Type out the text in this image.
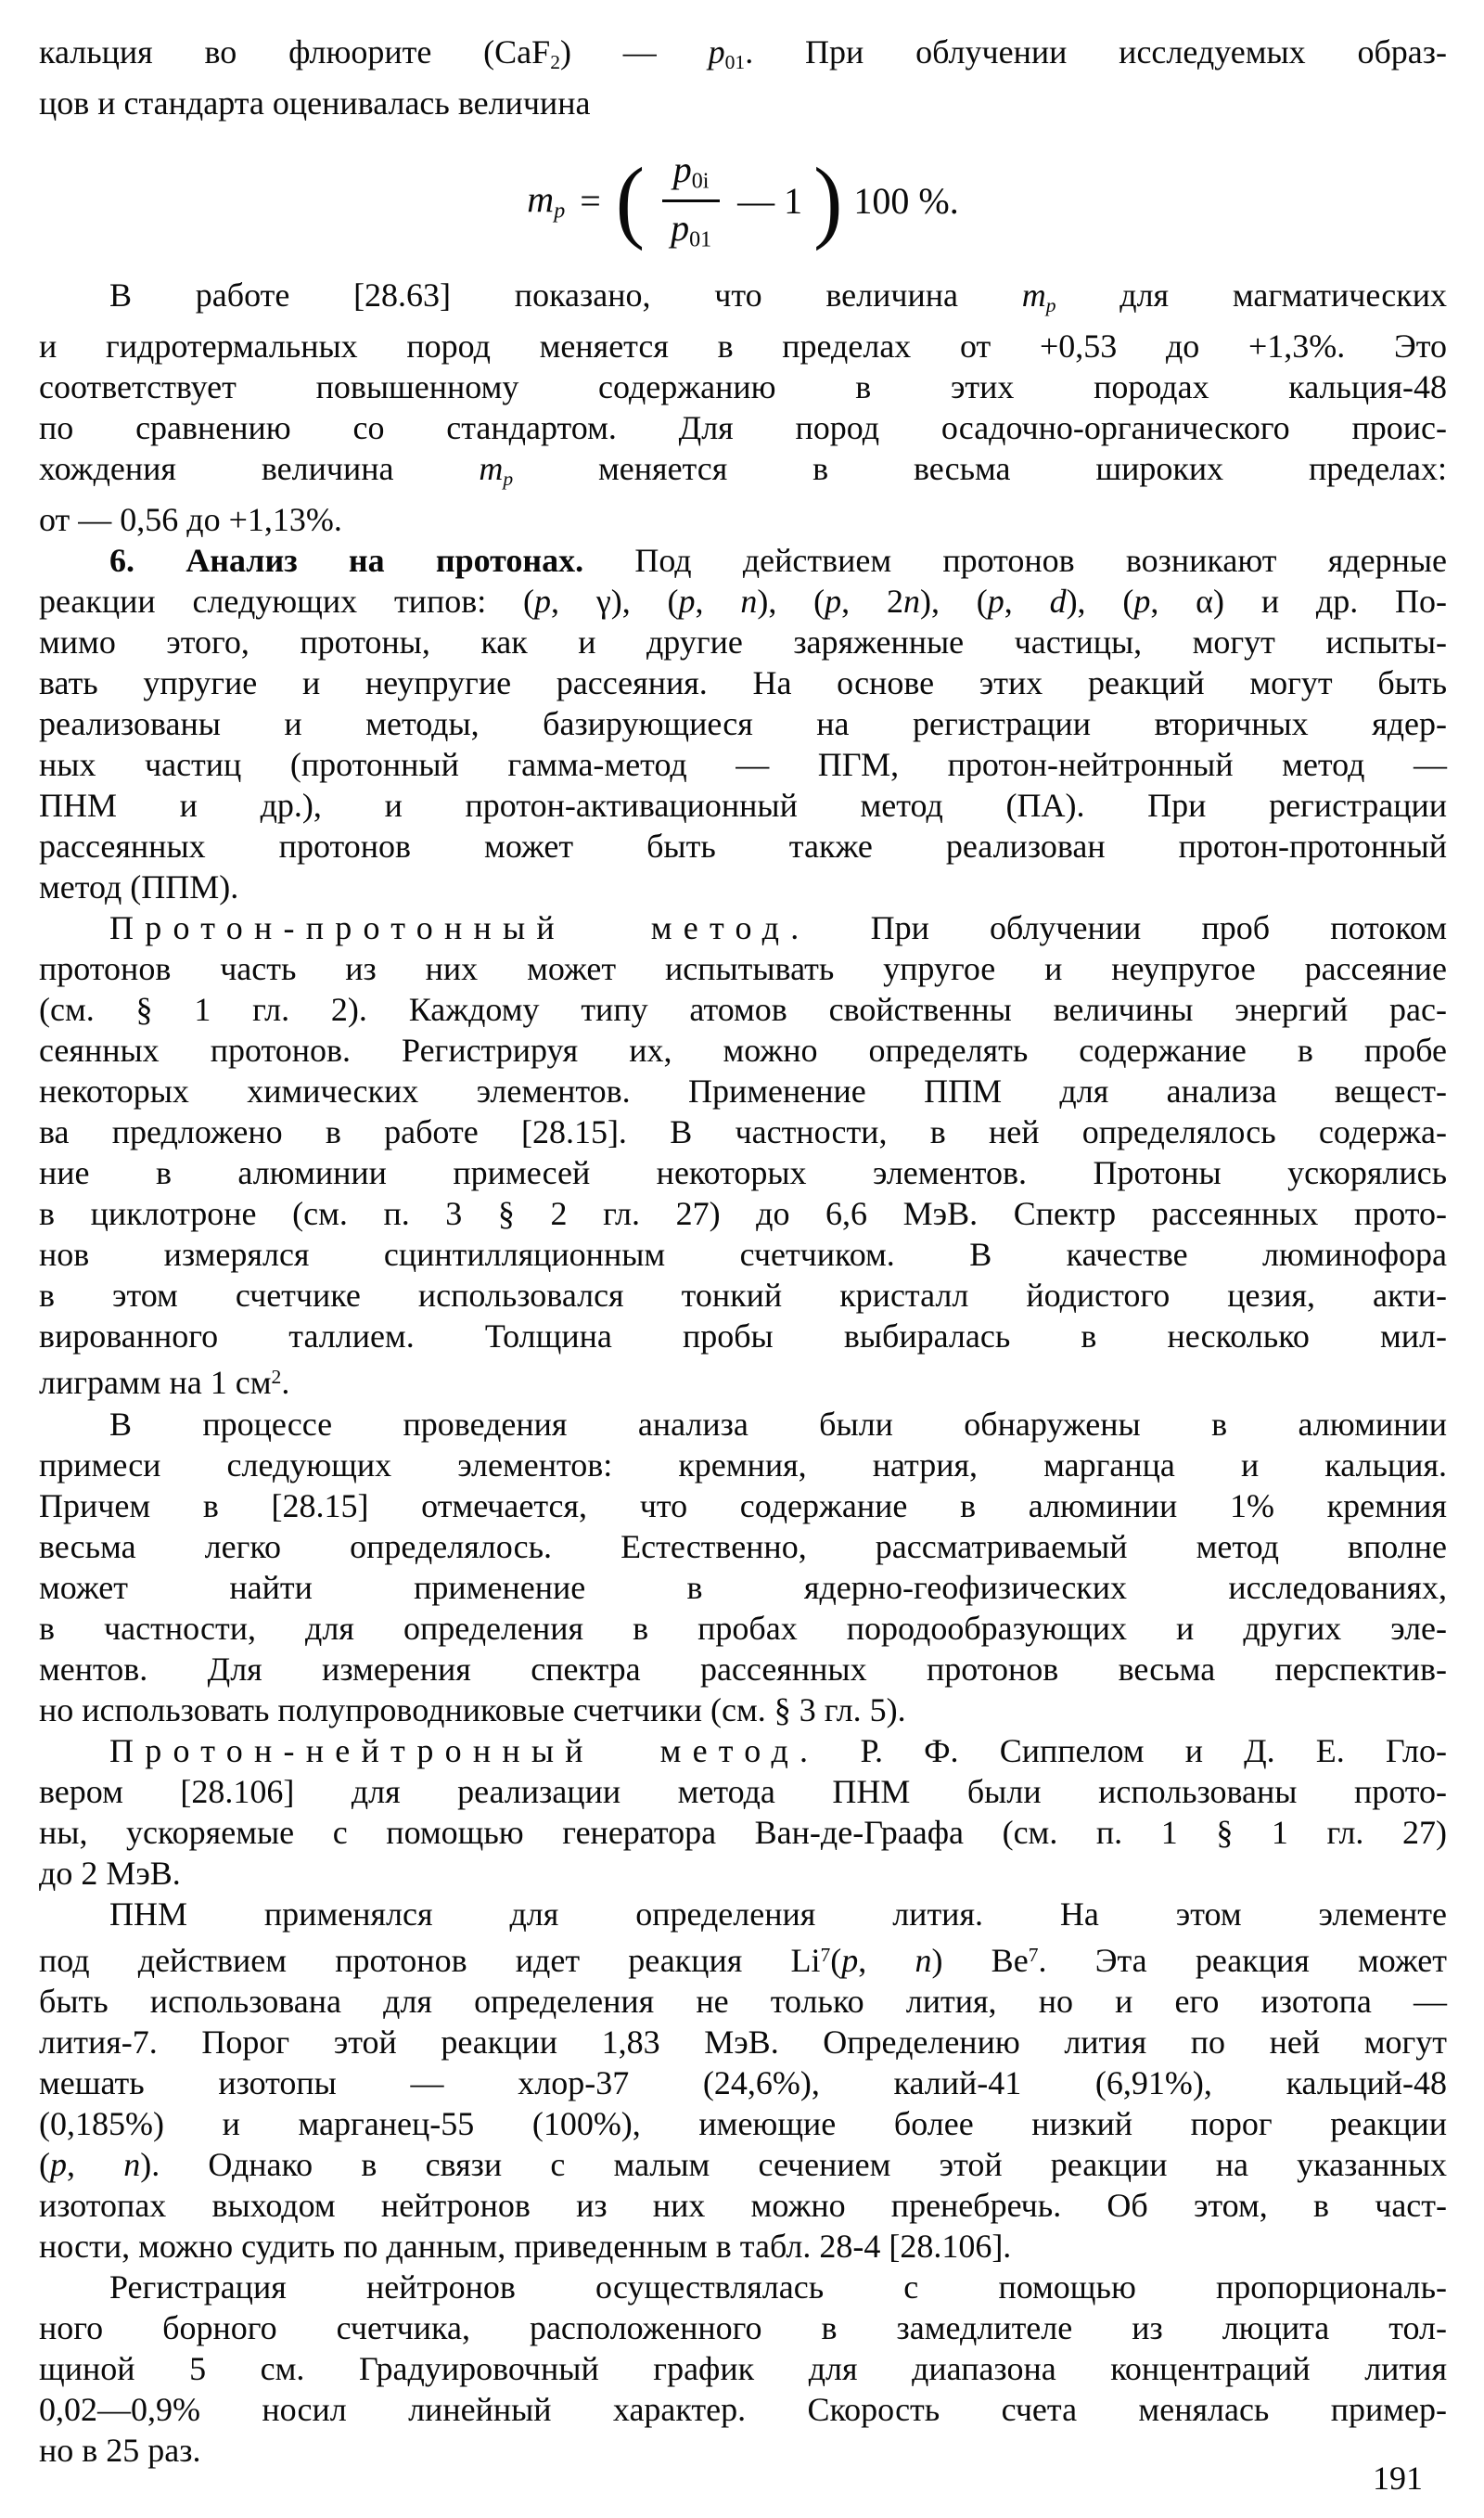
кальция во флюорите (CaF2) — p01. При облучении исследуемых образ-
цов и стандарта оценивалась величина
mp = ( $\frac{p0i}{p01}$ — 1 ) 100 %.
В работе [28.63] показано, что величина mp для магматических
и гидротермальных пород меняется в пределах от +0,53 до +1,3%. Это
соответствует повышенному содержанию в этих породах кальция-48
по сравнению со стандартом. Для пород осадочно-органического проис-
хождения величина mp меняется в весьма широких пределах:
от — 0,56 до +1,13%.
6. Анализ на протонах. Под действием протонов возникают ядерные
реакции следующих типов: (p, γ), (p, n), (p, 2n), (p, d), (p, α) и др. По-
мимо этого, протоны, как и другие заряженные частицы, могут испыты-
вать упругие и неупругие рассеяния. На основе этих реакций могут быть
реализованы и методы, базирующиеся на регистрации вторичных ядер-
ных частиц (протонный гамма-метод — ПГМ, протон-нейтронный метод —
ПНМ и др.), и протон-активационный метод (ПА). При регистрации
рассеянных протонов может быть также реализован протон-протонный
метод (ППМ).
Протон-протонный метод. При облучении проб потоком
протонов часть из них может испытывать упругое и неупругое рассеяние
(см. § 1 гл. 2). Каждому типу атомов свойственны величины энергий рас-
сеянных протонов. Регистрируя их, можно определять содержание в пробе
некоторых химических элементов. Применение ППМ для анализа вещест-
ва предложено в работе [28.15]. В частности, в ней определялось содержа-
ние в алюминии примесей некоторых элементов. Протоны ускорялись
в циклотроне (см. п. 3 § 2 гл. 27) до 6,6 МэВ. Спектр рассеянных прото-
нов измерялся сцинтилляционным счетчиком. В качестве люминофора
в этом счетчике использовался тонкий кристалл йодистого цезия, акти-
вированного таллием. Толщина пробы выбиралась в несколько мил-
лиграмм на 1 $см^2$.
В процессе проведения анализа были обнаружены в алюминии
примеси следующих элементов: кремния, натрия, марганца и кальция.
Причем в [28.15] отмечается, что содержание в алюминии 1% кремния
весьма легко определялось. Естественно, рассматриваемый метод вполне
может найти применение в ядерно-геофизических исследованиях,
в частности, для определения в пробах породообразующих и других эле-
ментов. Для измерения спектра рассеянных протонов весьма перспектив-
но использовать полупроводниковые счетчики (см. § 3 гл. 5).
Протон-нейтронный метод. Р. Ф. Сиппелом и Д. Е. Гло-
вером [28.106] для реализации метода ПНМ были использованы прото-
ны, ускоряемые с помощью генератора Ван-де-Граафа (см. п. 1 § 1 гл. 27)
до 2 МэВ.
ПНМ применялся для определения лития. На этом элементе
под действием протонов идет реакция Li$^7$(p, n) Be$^7$. Эта реакция может
быть использована для определения не только лития, но и его изотопа —
лития-7. Порог этой реакции 1,83 МэВ. Определению лития по ней могут
мешать изотопы — хлор-37 (24,6%), калий-41 (6,91%), кальций-48
(0,185%) и марганец-55 (100%), имеющие более низкий порог реакции
(p, n). Однако в связи с малым сечением этой реакции на указанных
изотопах выходом нейтронов из них можно пренебречь. Об этом, в част-
ности, можно судить по данным, приведенным в табл. 28-4 [28.106].
Регистрация нейтронов осуществлялась с помощью пропорциональ-
ного борного счетчика, расположенного в замедлителе из люцита тол-
щиной 5 см. Градуировочный график для диапазона концентраций лития
0,02—0,9% носил линейный характер. Скорость счета менялась пример-
но в 25 раз.
191
